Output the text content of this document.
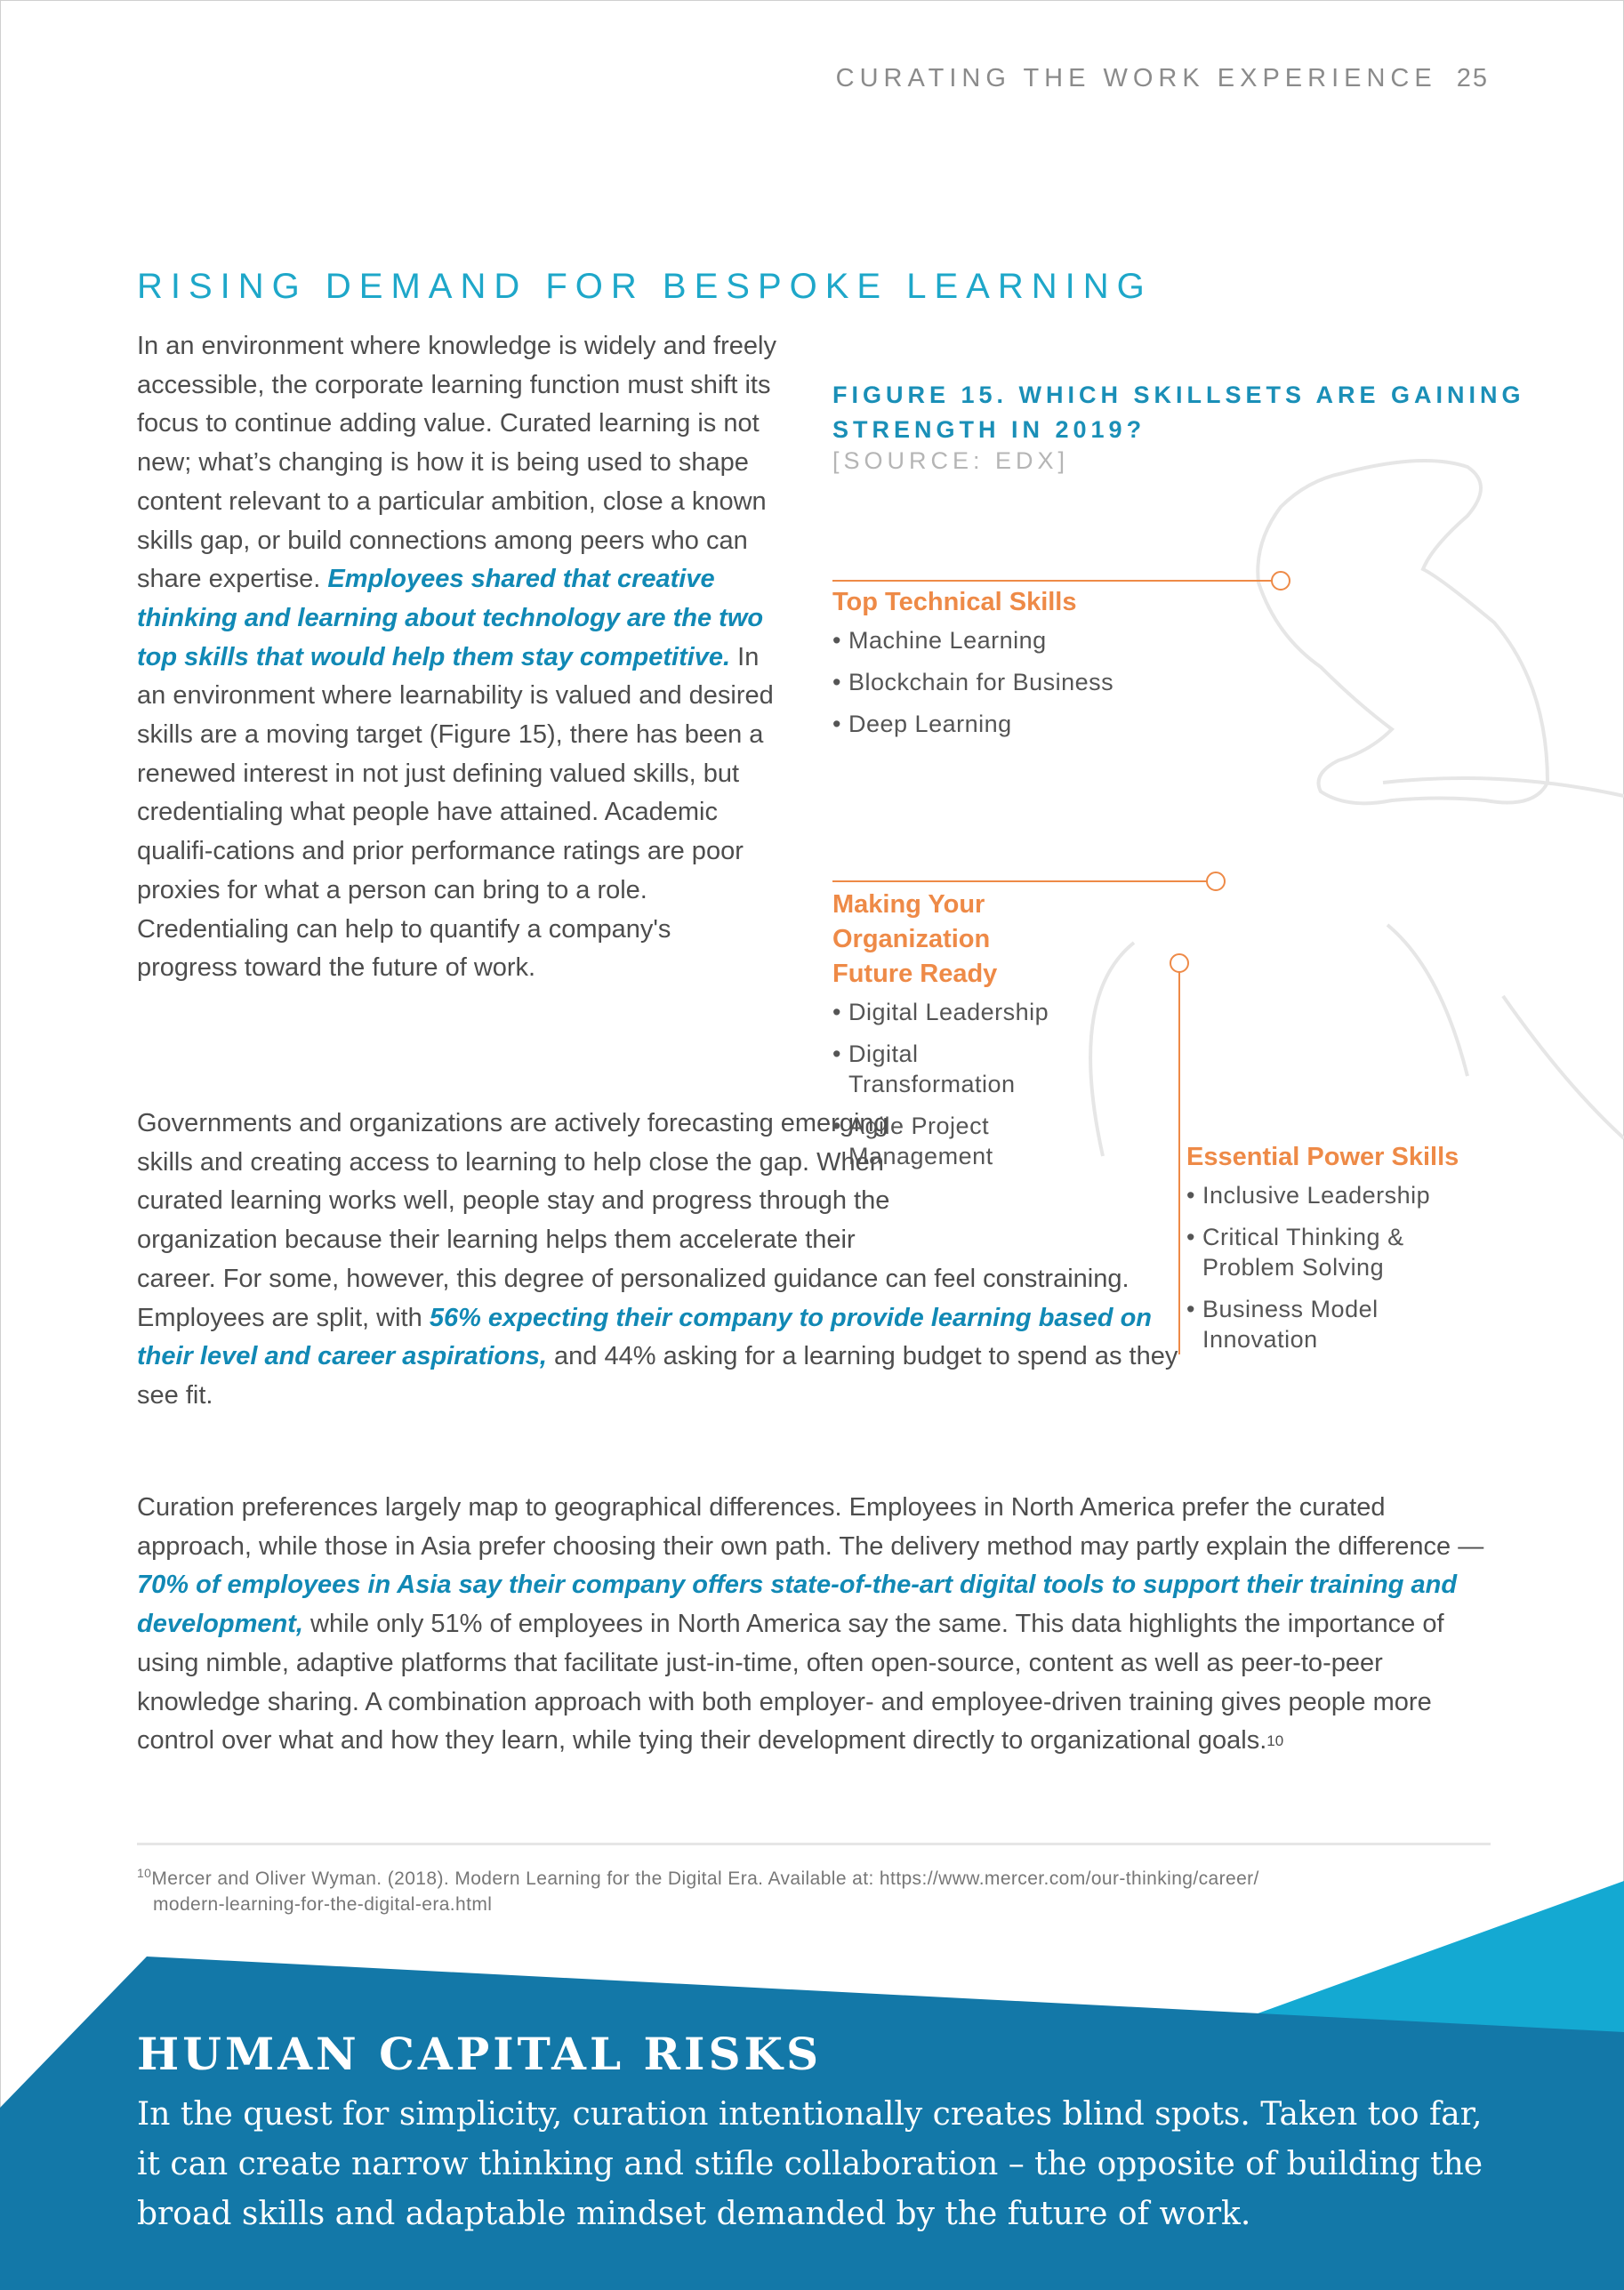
CURATING THE WORK EXPERIENCE 25
RISING DEMAND FOR BESPOKE LEARNING

In an environment where knowledge is widely and freely accessible, the corporate learning function must shift its focus to continue adding value. Curated learning is not new; what’s changing is how it is being used to shape content relevant to a particular ambition, close a known skills gap, or build connections among peers who can share expertise. Employees shared that creative thinking and learning about technology are the two top skills that would help them stay competitive. In an environment where learnability is valued and desired skills are a moving target (Figure 15), there has been a renewed interest in not just defining valued skills, but credentialing what people have attained. Academic qualifi-cations and prior performance ratings are poor proxies for what a person can bring to a role. Credentialing can help to quantify a company's progress toward the future of work.

Governments and organizations are actively forecasting emerging skills and creating access to learning to help close the gap. When curated learning works well, people stay and progress through the organization because their learning helps them accelerate their career. For some, however, this degree of personalized guidance can feel constraining. Employees are split, with 56% expecting their company to provide learning based on their level and career aspirations, and 44% asking for a learning budget to spend as they see fit.
Curation preferences largely map to geographical differences. Employees in North America prefer the curated approach, while those in Asia prefer choosing their own path. The delivery method may partly explain the difference — 70% of employees in Asia say their company offers state-of-the-art digital tools to support their training and development, while only 51% of employees in North America say the same. This data highlights the importance of using nimble, adaptive platforms that facilitate just-in-time, often open-source, content as well as peer-to-peer knowledge sharing. A combination approach with both employer- and employee-driven training gives people more control over what and how they learn, while tying their development directly to organizational goals.$^{10}$
FIGURE 15. WHICH SKILLSETS ARE GAINING STRENGTH IN 2019?
[SOURCE: EDX]
Top Technical Skills
• Machine Learning
• Blockchain for Business
• Deep Learning
Making Your Organization Future Ready
• Digital Leadership
• Digital Transformation
• Agile Project Management	Essential Power Skills
• Inclusive Leadership
• Critical Thinking & Problem Solving
• Business Model Innovation
$^{10}$Mercer and Oliver Wyman. (2018). Modern Learning for the Digital Era. Available at: https://www.mercer.com/our-thinking/career/
modern-learning-for-the-digital-era.html
HUMAN CAPITAL RISKS
In the quest for simplicity, curation intentionally creates blind spots. Taken too far, it can create narrow thinking and stifle collaboration – the opposite of building the broad skills and adaptable mindset demanded by the future of work.
